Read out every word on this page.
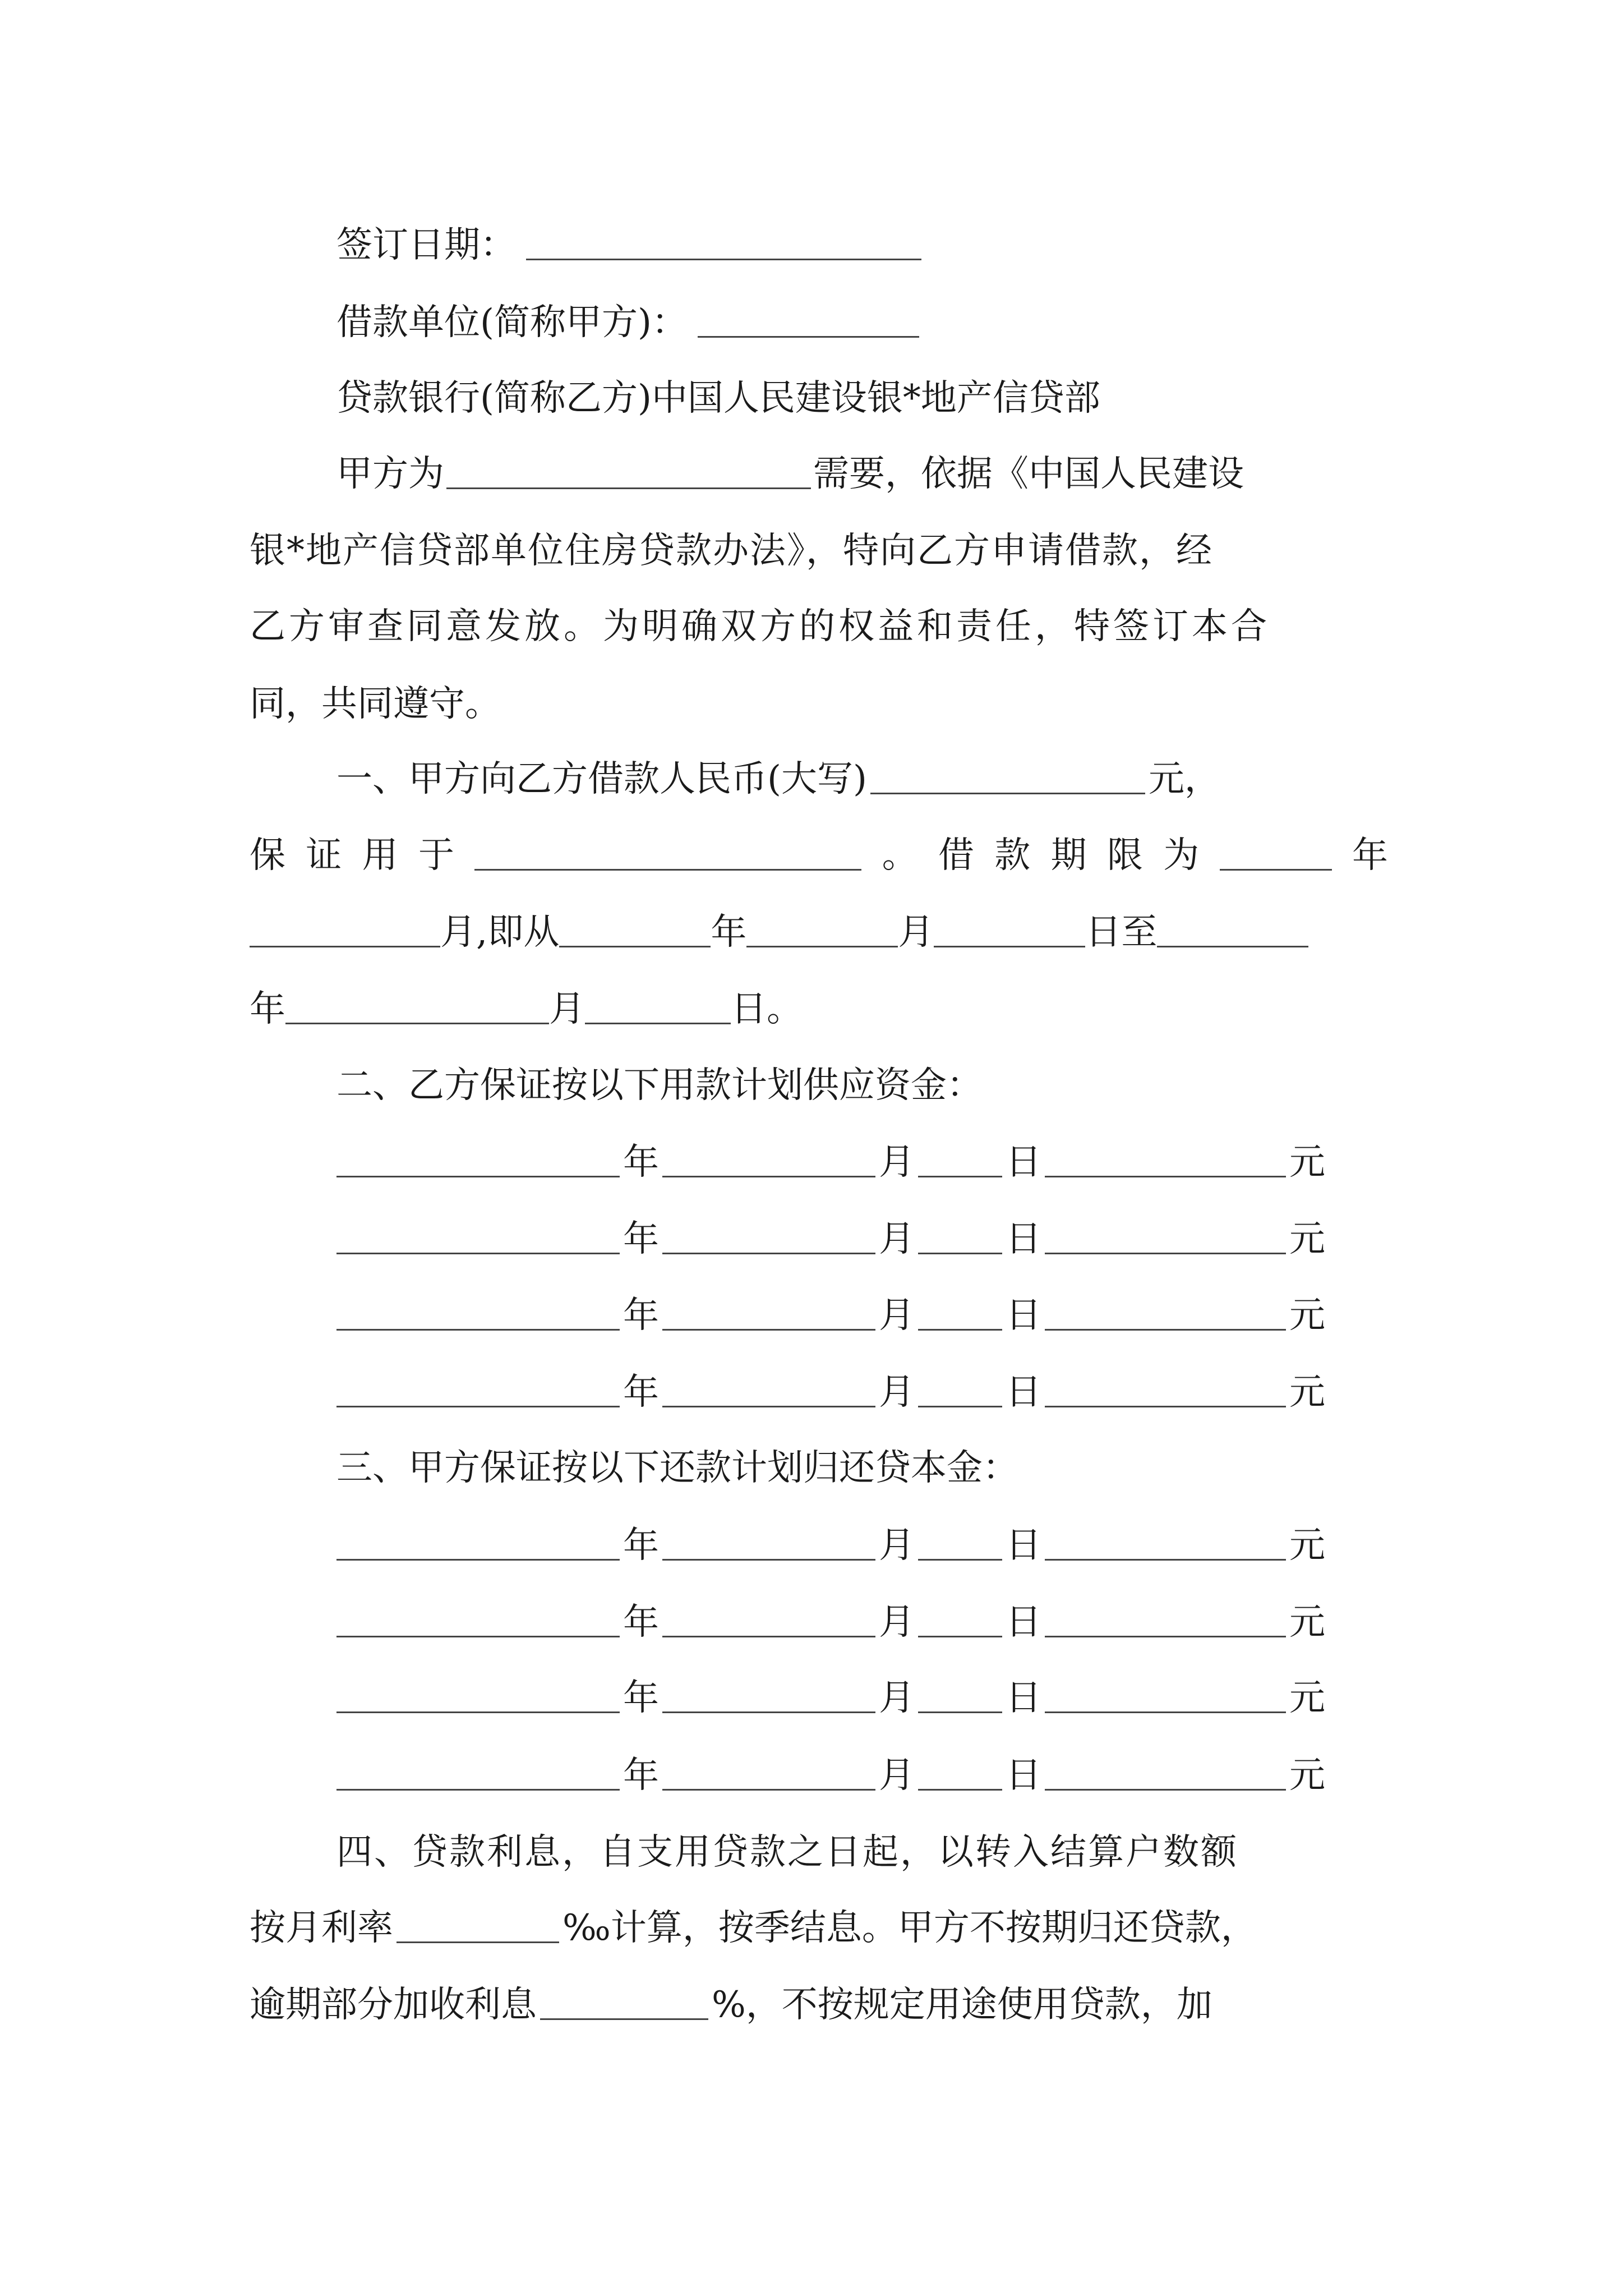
签订日期：
借款单位(简称甲方)：
贷款银行(简称乙方)中国人民建设银*地产信贷部
甲方为	需要，依据《中国人民建设
银*地产信贷部单位住房贷款办法》，特向乙方申请借款，经
乙方审查同意发放。为明确双方的权益和责任，特签订本合
同，共同遵守。
一、甲方向乙方借款人民币(大写)	元，
保 证 用 于	。 借 款 期 限 为	年
月,即从	年	月	日至
年	月	日。
二、乙方保证按以下用款计划供应资金：
年	月	日	元
年	月	日	元
年	月	日	元
年	月	日	元
三、甲方保证按以下还款计划归还贷本金：
年	月	日	元
年	月	日	元
年	月	日	元
年	月	日	元
四、贷款利息，自支用贷款之日起，以转入结算户数额
按月利率	‰计算，按季结息。甲方不按期归还贷款，
逾期部分加收利息	%，不按规定用途使用贷款，加
